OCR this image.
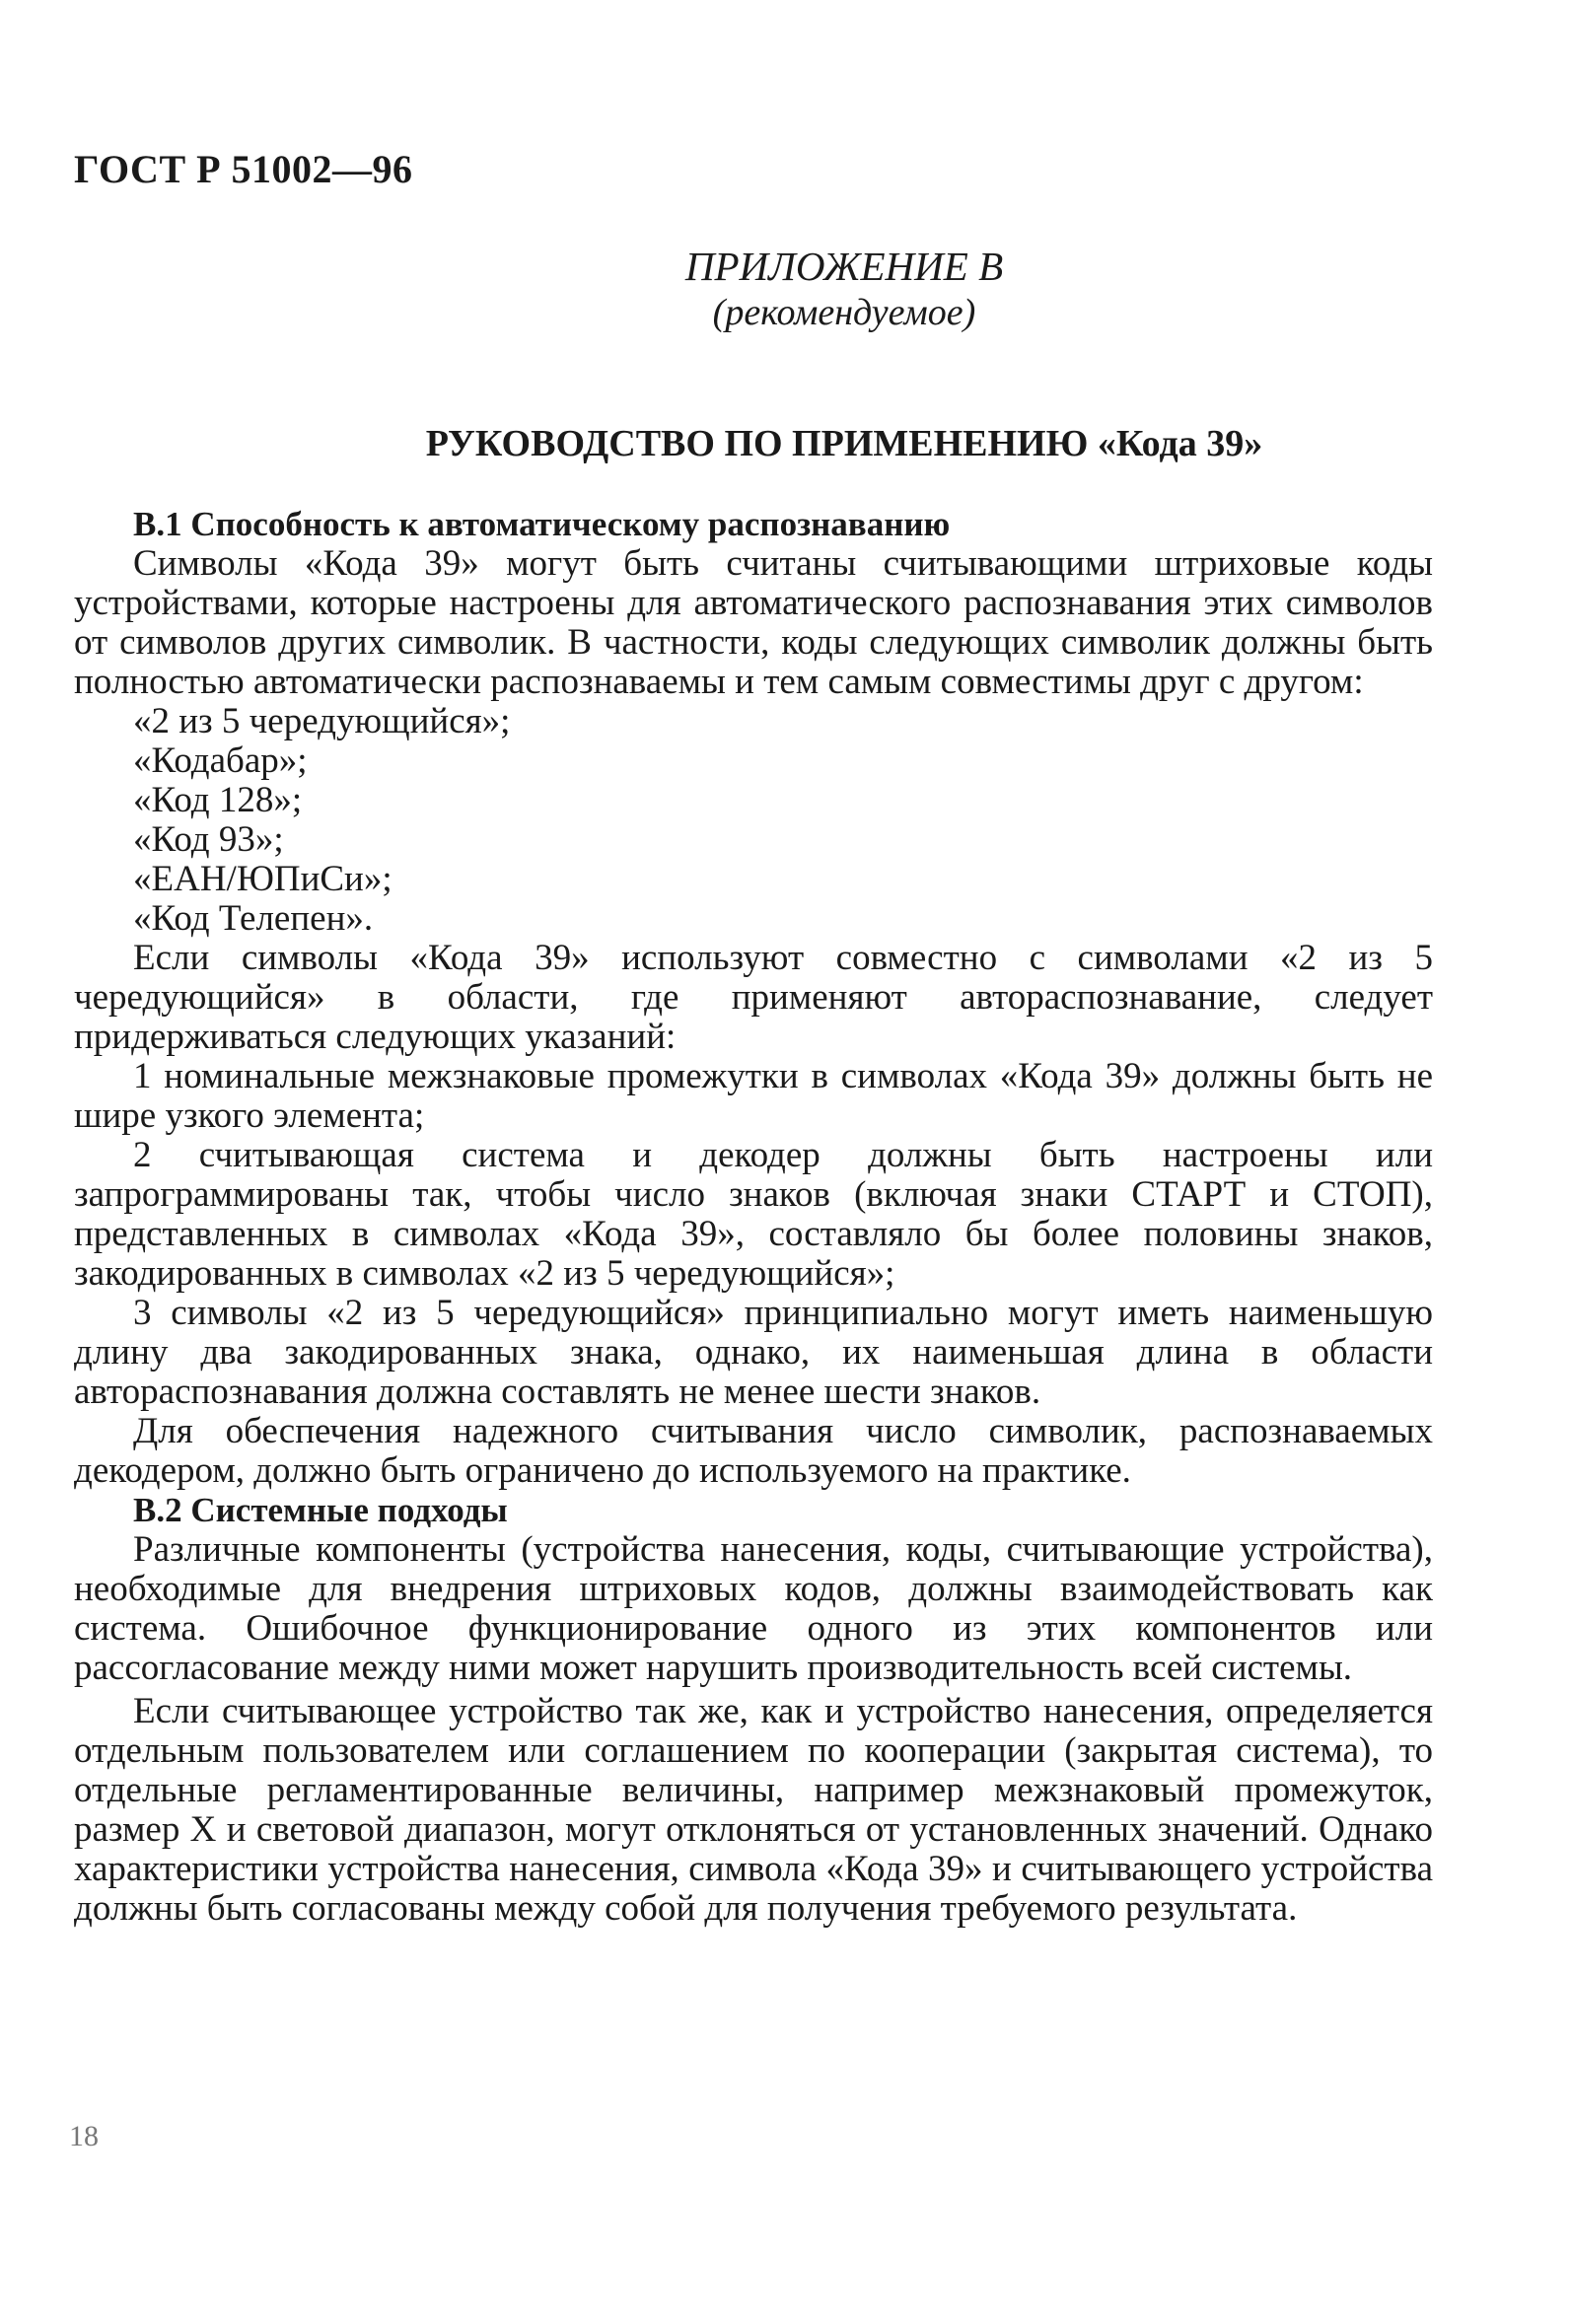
ГОСТ Р 51002—96
ПРИЛОЖЕНИЕ В
(рекомендуемое)
РУКОВОДСТВО ПО ПРИМЕНЕНИЮ «Кода 39»

В.1 Способность к автоматическому распознаванию

Символы «Кода 39» могут быть считаны считывающими штриховые коды устройствами, которые настроены для автоматического распознавания этих символов от символов других символик. В частности, коды следующих символик должны быть полностью автоматически распознаваемы и тем самым совместимы друг с другом:

«2 из 5 чередующийся»;

«Кодабар»;

«Код 128»;

«Код 93»;

«ЕАН/ЮПиСи»;

«Код Телепен».

Если символы «Кода 39» используют совместно с символами «2 из 5 чередующийся» в области, где применяют автораспознавание, следует придерживаться следующих указаний:

1 номинальные межзнаковые промежутки в символах «Кода 39» должны быть не шире узкого элемента;

2 считывающая система и декодер должны быть настроены или запрограммированы так, чтобы число знаков (включая знаки СТАРТ и СТОП), представленных в символах «Кода 39», составляло бы более половины знаков, закодированных в символах «2 из 5 чередующийся»;

3 символы «2 из 5 чередующийся» принципиально могут иметь наименьшую длину два закодированных знака, однако, их наименьшая длина в области автораспознавания должна составлять не менее шести знаков.

Для обеспечения надежного считывания число символик, распознаваемых декодером, должно быть ограничено до используемого на практике.

В.2 Системные подходы

Различные компоненты (устройства нанесения, коды, считывающие устройства), необходимые для внедрения штриховых кодов, должны взаимодействовать как система. Ошибочное функционирование одного из этих компонентов или рассогласование между ними может нарушить производительность всей системы.

Если считывающее устройство так же, как и устройство нанесения, определяется отдельным пользователем или соглашением по кооперации (закрытая система), то отдельные регламентированные величины, например межзнаковый промежуток, размер X и световой диапазон, могут отклоняться от установленных значений. Однако характеристики устройства нанесения, символа «Кода 39» и считывающего устройства должны быть согласованы между собой для получения требуемого результата.

18
